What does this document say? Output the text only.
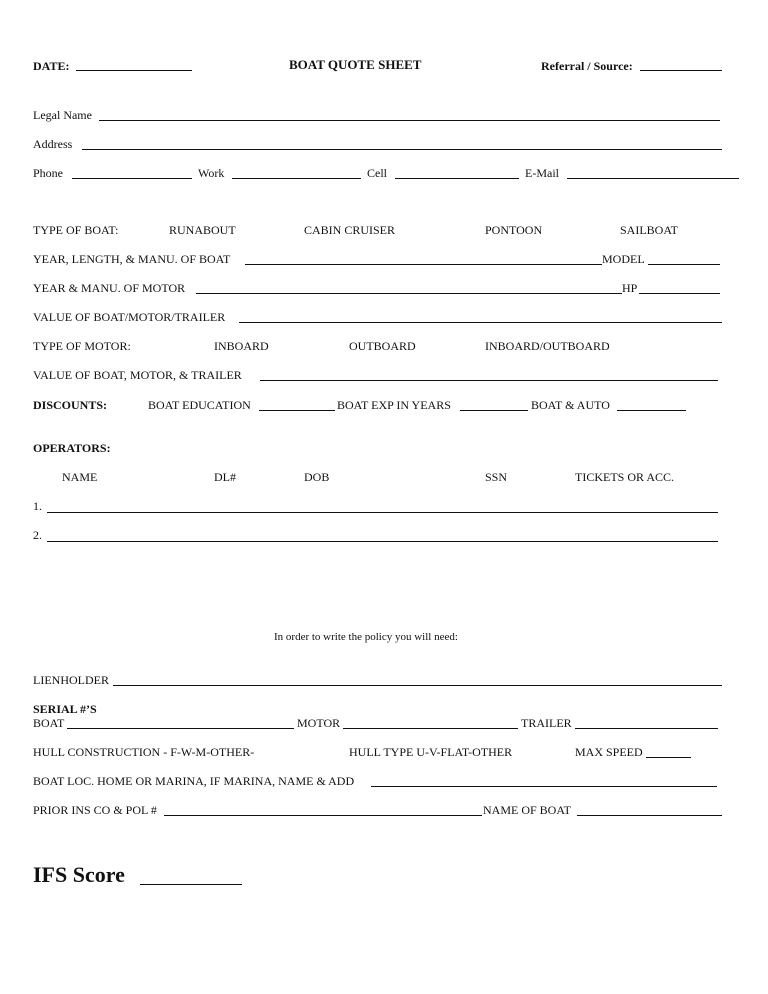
DATE:	BOAT QUOTE SHEET	Referral / Source:
Legal Name
Address
Phone	Work	Cell	E-Mail
TYPE OF BOAT:	RUNABOUT	CABIN CRUISER	PONTOON	SAILBOAT
YEAR, LENGTH, & MANU. OF BOAT	MODEL
YEAR & MANU. OF MOTOR	HP
VALUE OF BOAT/MOTOR/TRAILER
TYPE OF MOTOR:	INBOARD	OUTBOARD	INBOARD/OUTBOARD
VALUE OF BOAT, MOTOR, & TRAILER
DISCOUNTS:	BOAT EDUCATION	BOAT EXP IN YEARS	BOAT & AUTO
OPERATORS:
NAME	DL#	DOB	SSN	TICKETS OR ACC.
1.
2.
In order to write the policy you will need:
LIENHOLDER
SERIAL #’S
BOAT	MOTOR	TRAILER
HULL CONSTRUCTION - F-W-M-OTHER-	HULL TYPE U-V-FLAT-OTHER	MAX SPEED
BOAT LOC. HOME OR MARINA, IF MARINA, NAME & ADD
PRIOR INS CO & POL #	NAME OF BOAT
IFS Score
